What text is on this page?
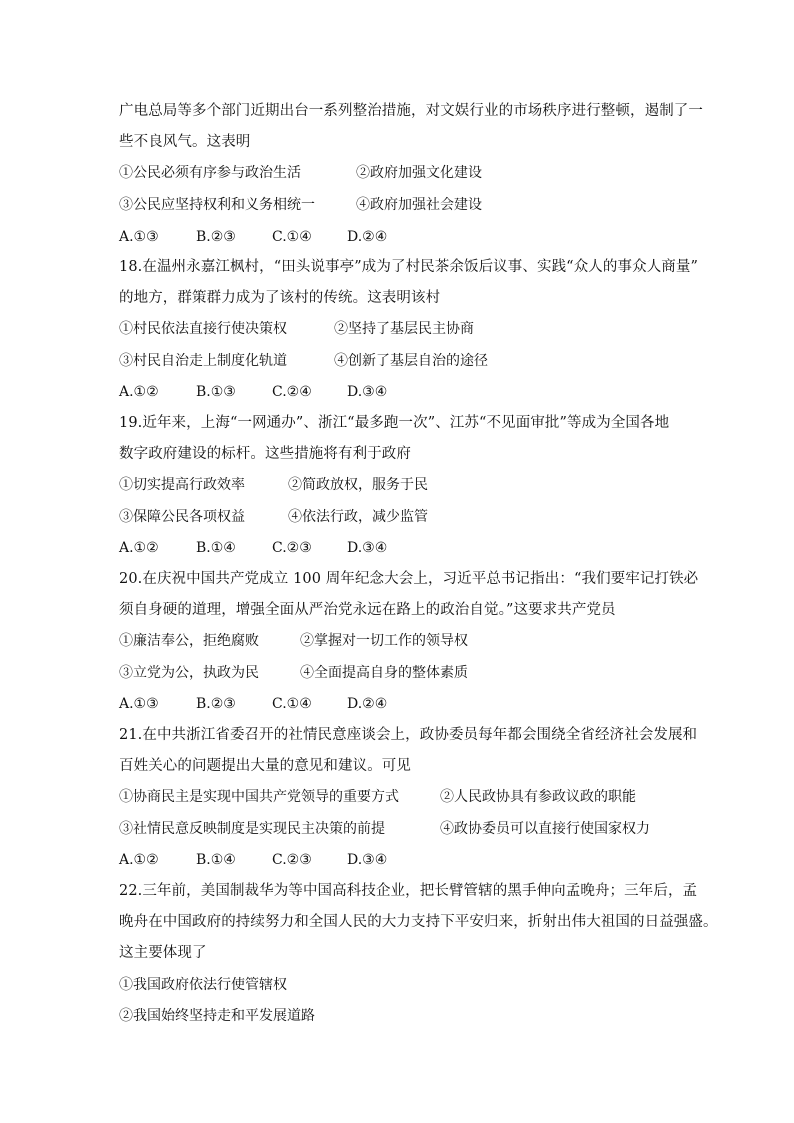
广电总局等多个部门近期出台一系列整治措施，对文娱行业的市场秩序进行整顿，遏制了一
些不良风气。这表明
①公民必须有序参与政治生活	②政府加强文化建设
③公民应坚持权利和义务相统一	④政府加强社会建设
A.①③	B.②③	C.①④	D.②④
18.在温州永嘉江枫村，“田头说事亭”成为了村民茶余饭后议事、实践“众人的事众人商量”
的地方，群策群力成为了该村的传统。这表明该村
①村民依法直接行使决策权	②坚持了基层民主协商
③村民自治走上制度化轨道	④创新了基层自治的途径
A.①②	B.①③	C.②④	D.③④
19.近年来，上海“一网通办”、浙江“最多跑一次”、江苏“不见面审批”等成为全国各地
数字政府建设的标杆。这些措施将有利于政府
①切实提高行政效率	②简政放权，服务于民
③保障公民各项权益	④依法行政，减少监管
A.①②	B.①④	C.②③	D.③④
20.在庆祝中国共产党成立 100 周年纪念大会上，习近平总书记指出：“我们要牢记打铁必
须自身硬的道理，增强全面从严治党永远在路上的政治自觉。”这要求共产党员
①廉洁奉公，拒绝腐败	②掌握对一切工作的领导权
③立党为公，执政为民	④全面提高自身的整体素质
A.①③	B.②③	C.①④	D.②④
21.在中共浙江省委召开的社情民意座谈会上，政协委员每年都会围绕全省经济社会发展和
百姓关心的问题提出大量的意见和建议。可见
①协商民主是实现中国共产党领导的重要方式	②人民政协具有参政议政的职能
③社情民意反映制度是实现民主决策的前提	④政协委员可以直接行使国家权力
A.①②	B.①④	C.②③	D.③④
22.三年前，美国制裁华为等中国高科技企业，把长臂管辖的黑手伸向孟晚舟；三年后，孟
晚舟在中国政府的持续努力和全国人民的大力支持下平安归来，折射出伟大祖国的日益强盛。
这主要体现了
①我国政府依法行使管辖权
②我国始终坚持走和平发展道路
